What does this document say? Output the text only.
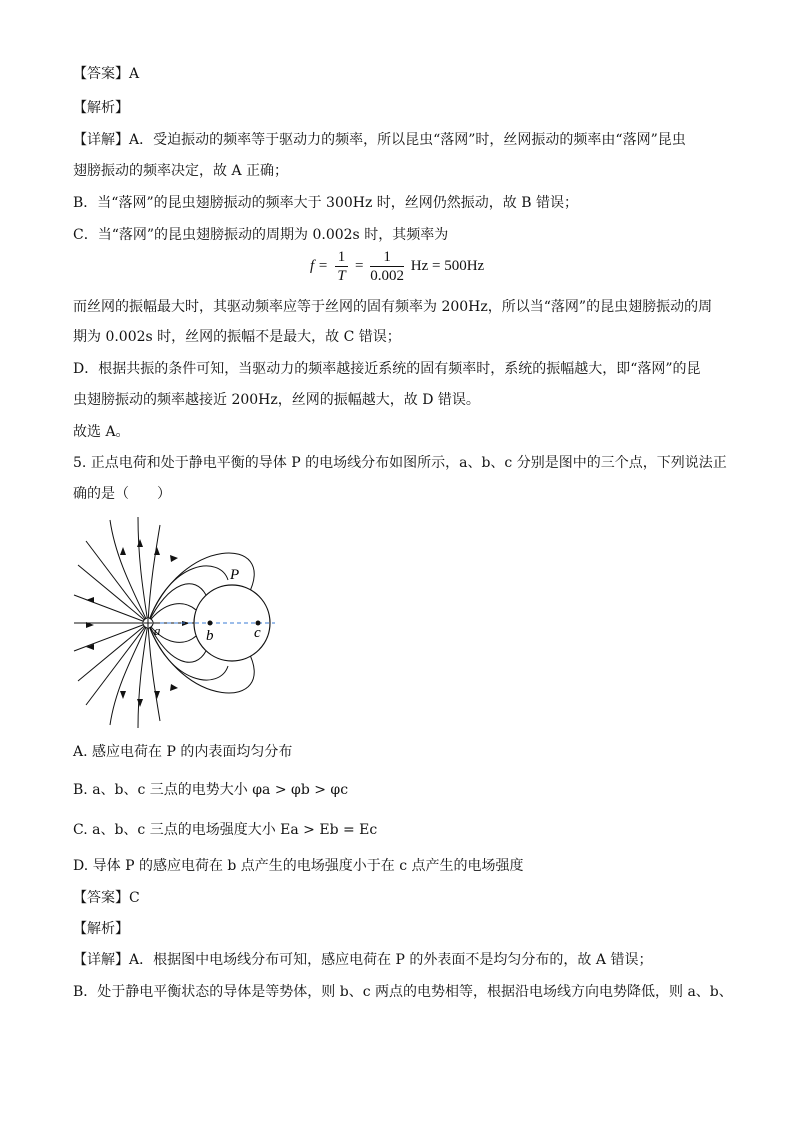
【答案】A
【解析】
【详解】A．受迫振动的频率等于驱动力的频率，所以昆虫“落网”时，丝网振动的频率由“落网”昆虫
翅膀振动的频率决定，故 A 正确；
B．当“落网”的昆虫翅膀振动的频率大于 300Hz 时，丝网仍然振动，故 B 错误；
C．当“落网”的昆虫翅膀振动的周期为 0.002s 时，其频率为
$f = \frac{1}{T} = \frac{1}{0.002}$ Hz = 500Hz
而丝网的振幅最大时，其驱动频率应等于丝网的固有频率为 200Hz，所以当“落网”的昆虫翅膀振动的周
期为 0.002s 时，丝网的振幅不是最大，故 C 错误；
D．根据共振的条件可知，当驱动力的频率越接近系统的固有频率时，系统的振幅越大，即“落网”的昆
虫翅膀振动的频率越接近 200Hz，丝网的振幅越大，故 D 错误。
故选 A。
5. 正点电荷和处于静电平衡的导体 P 的电场线分布如图所示，a、b、c 分别是图中的三个点，下列说法正
确的是（　　）
P
a	b	c
A. 感应电荷在 P 的内表面均匀分布
B. a、b、c 三点的电势大小 φa > φb > φc
C. a、b、c 三点的电场强度大小 Ea > Eb = Ec
D. 导体 P 的感应电荷在 b 点产生的电场强度小于在 c 点产生的电场强度
【答案】C
【解析】
【详解】A．根据图中电场线分布可知，感应电荷在 P 的外表面不是均匀分布的，故 A 错误；
B．处于静电平衡状态的导体是等势体，则 b、c 两点的电势相等，根据沿电场线方向电势降低，则 a、b、
